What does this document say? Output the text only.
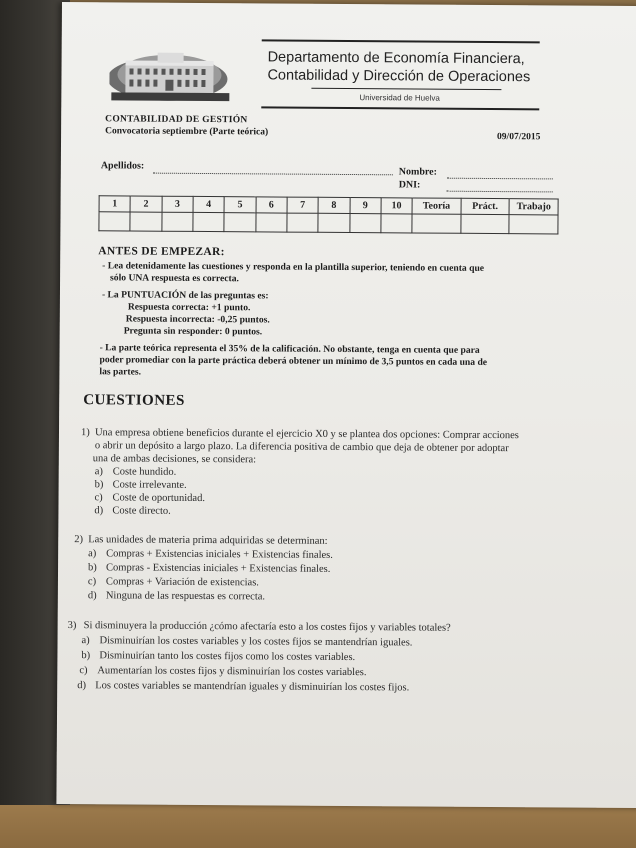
Departamento de Economía Financiera,
Contabilidad y Dirección de Operaciones
Universidad de Huelva
CONTABILIDAD DE GESTIÓN
Convocatoria septiembre (Parte teórica)	09/07/2015
Apellidos:
Nombre:
DNI:
1	2	3	4	5	6	7	8	9	10	Teoría	Práct.	Trabajo

ANTES DE EMPEZAR:
- Lea detenidamente las cuestiones y responda en la plantilla superior, teniendo en cuenta que
sólo UNA respuesta es correcta.
- La PUNTUACIÓN de las preguntas es:
Respuesta correcta: +1 punto.
Respuesta incorrecta: -0,25 puntos.
Pregunta sin responder: 0 puntos.
- La parte teórica representa el 35% de la calificación. No obstante, tenga en cuenta que para
poder promediar con la parte práctica deberá obtener un mínimo de 3,5 puntos en cada una de
las partes.
CUESTIONES
1) Una empresa obtiene beneficios durante el ejercicio X0 y se plantea dos opciones: Comprar acciones
o abrir un depósito a largo plazo. La diferencia positiva de cambio que deja de obtener por adoptar
una de ambas decisiones, se considera:
a) Coste hundido.
b) Coste irrelevante.
c) Coste de oportunidad.
d) Coste directo.
2) Las unidades de materia prima adquiridas se determinan:
a) Compras + Existencias iniciales + Existencias finales.
b) Compras - Existencias iniciales + Existencias finales.
c) Compras + Variación de existencias.
d) Ninguna de las respuestas es correcta.
3) Si disminuyera la producción ¿cómo afectaría esto a los costes fijos y variables totales?
a) Disminuirían los costes variables y los costes fijos se mantendrían iguales.
b) Disminuirían tanto los costes fijos como los costes variables.
c) Aumentarían los costes fijos y disminuirían los costes variables.
d) Los costes variables se mantendrían iguales y disminuirían los costes fijos.
